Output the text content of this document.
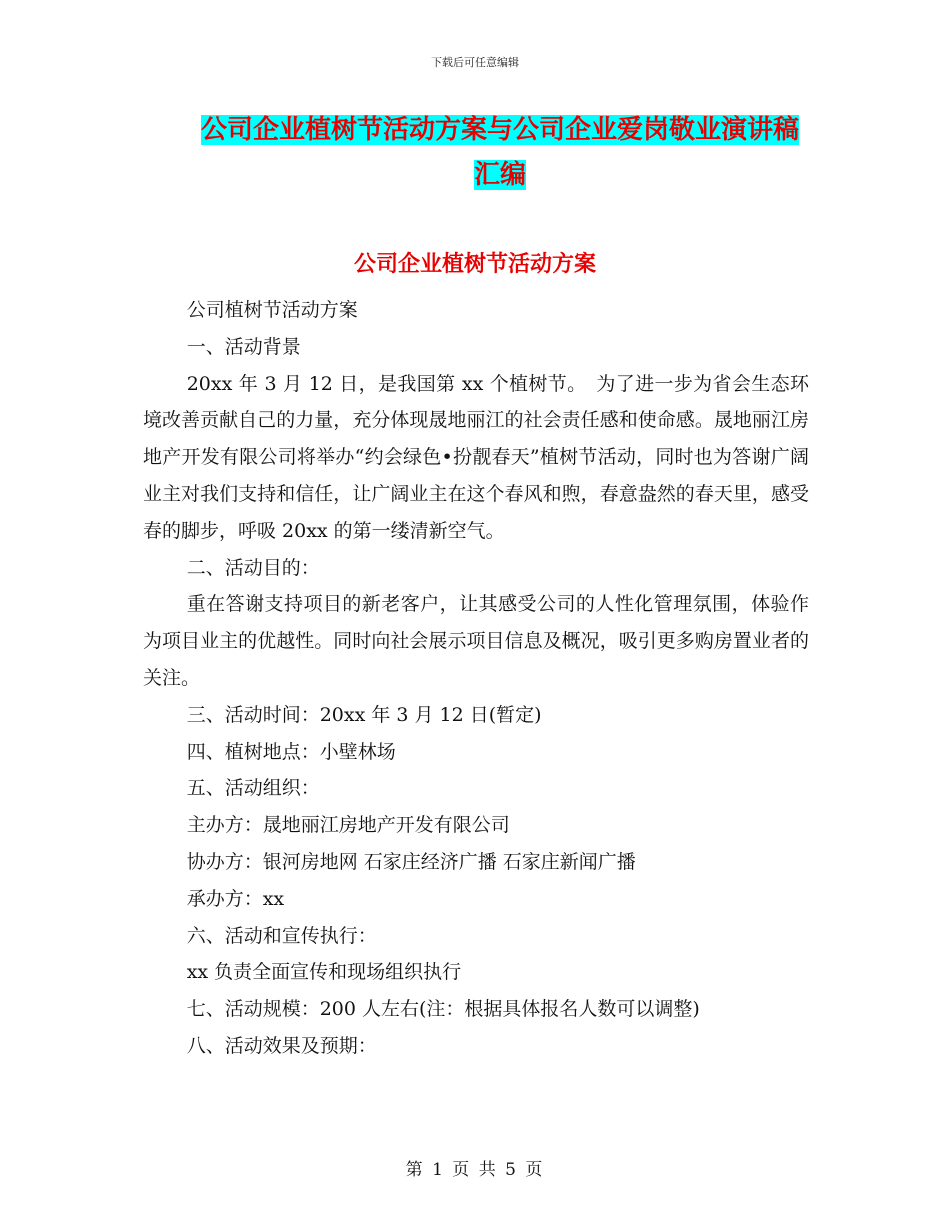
下载后可任意编辑
公司企业植树节活动方案与公司企业爱岗敬业演讲稿
汇编
公司企业植树节活动方案

公司植树节活动方案

一、活动背景

20xx 年 3 月 12 日，是我国第 xx 个植树节。　为了进一步为省会生态环境改善贡献自己的力量，充分体现晟地丽江的社会责任感和使命感。晟地丽江房地产开发有限公司将举办“约会绿色•扮靓春天”植树节活动，同时也为答谢广阔业主对我们支持和信任，让广阔业主在这个春风和煦，春意盎然的春天里，感受春的脚步，呼吸 20xx 的第一缕清新空气。

二、活动目的：

重在答谢支持项目的新老客户，让其感受公司的人性化管理氛围，体验作为项目业主的优越性。同时向社会展示项目信息及概况，吸引更多购房置业者的关注。

三、活动时间：20xx 年 3 月 12 日(暂定)

四、植树地点：小壁林场

五、活动组织：

主办方：晟地丽江房地产开发有限公司

协办方：银河房地网 石家庄经济广播 石家庄新闻广播

承办方：xx

六、活动和宣传执行：

xx 负责全面宣传和现场组织执行

七、活动规模：200 人左右(注：根据具体报名人数可以调整)

八、活动效果及预期：

第 1 页 共 5 页
